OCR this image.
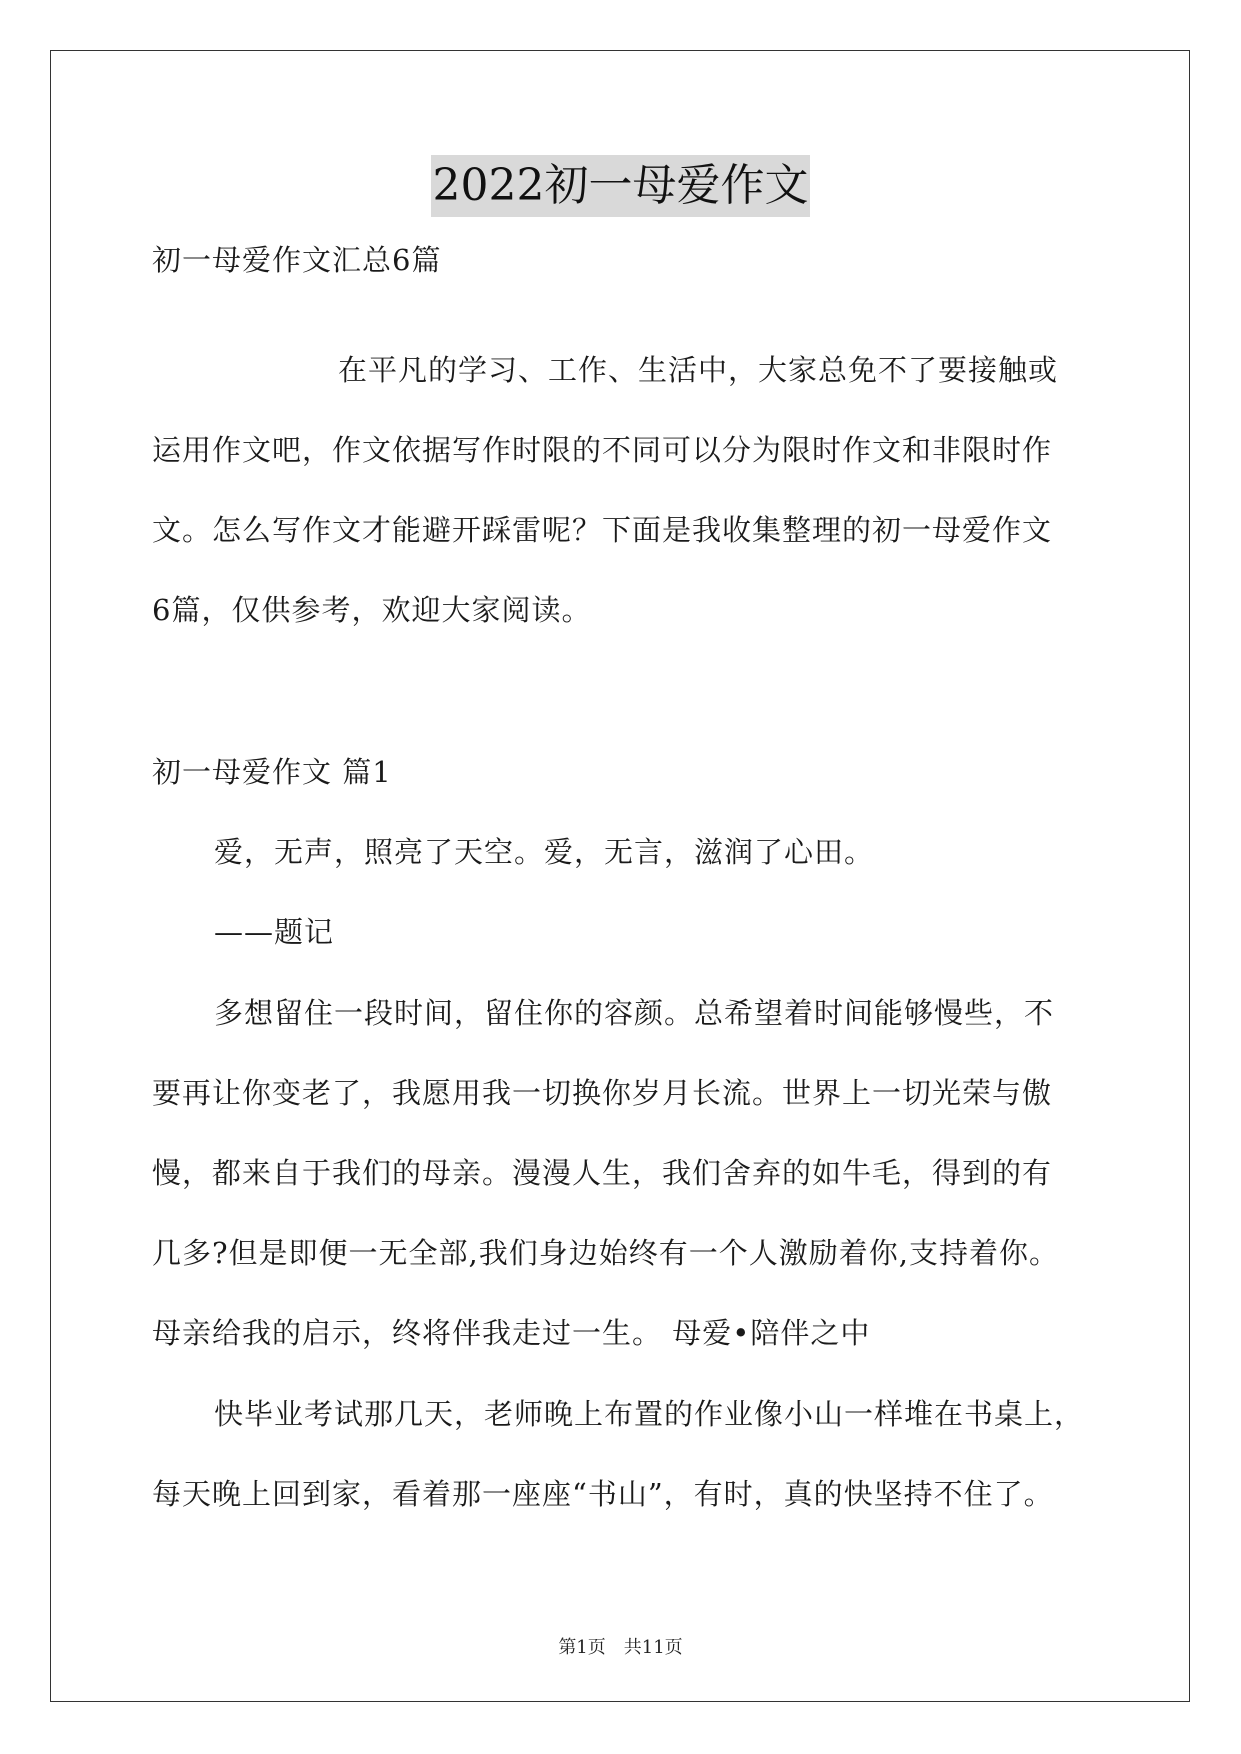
2022初一母爱作文
初一母爱作文汇总6篇
在平凡的学习、工作、生活中，大家总免不了要接触或
运用作文吧，作文依据写作时限的不同可以分为限时作文和非限时作
文。怎么写作文才能避开踩雷呢？下面是我收集整理的初一母爱作文
6篇，仅供参考，欢迎大家阅读。
初一母爱作文 篇1
爱，无声，照亮了天空。爱，无言，滋润了心田。
——题记
多想留住一段时间，留住你的容颜。总希望着时间能够慢些，不
要再让你变老了，我愿用我一切换你岁月长流。世界上一切光荣与傲
慢，都来自于我们的母亲。漫漫人生，我们舍弃的如牛毛，得到的有
几多?但是即便一无全部,我们身边始终有一个人激励着你,支持着你。
母亲给我的启示，终将伴我走过一生。 母爱•陪伴之中
快毕业考试那几天，老师晚上布置的作业像小山一样堆在书桌上，
每天晚上回到家，看着那一座座“书山”，有时，真的快坚持不住了。
第1页　共11页
